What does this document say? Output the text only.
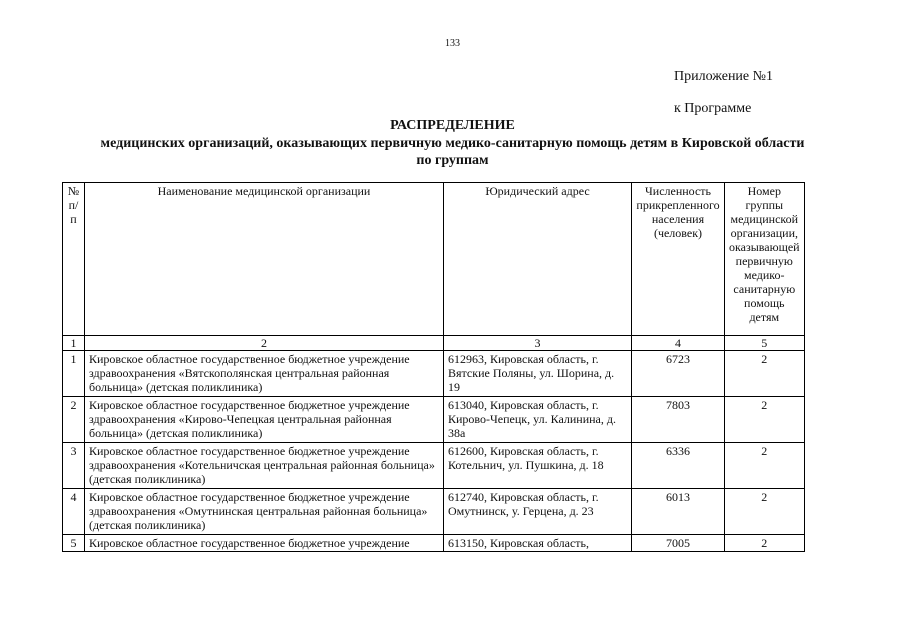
133
Приложение №1
к Программе
РАСПРЕДЕЛЕНИЕ
медицинских организаций, оказывающих первичную медико-санитарную помощь детям в Кировской области
по группам
№ п/п	Наименование медицинской организации	Юридический адрес	Численность прикрепленного населения (человек)	Номер группы медицинской организации, оказывающей первичную медико-санитарную помощь детям
1	2	3	4	5
1	Кировское областное государственное бюджетное учреждение здравоохранения «Вятскополянская центральная районная больница» (детская поликлиника)	612963, Кировская область, г. Вятские Поляны, ул. Шорина, д. 19	6723	2
2	Кировское областное государственное бюджетное учреждение здравоохранения «Кирово-Чепецкая центральная районная больница» (детская поликлиника)	613040, Кировская область, г. Кирово-Чепецк, ул. Калинина, д. 38а	7803	2
3	Кировское областное государственное бюджетное учреждение здравоохранения «Котельничская центральная районная больница» (детская поликлиника)	612600, Кировская область, г. Котельнич, ул. Пушкина, д. 18	6336	2
4	Кировское областное государственное бюджетное учреждение здравоохранения «Омутнинская центральная районная больница» (детская поликлиника)	612740, Кировская область, г. Омутнинск, у. Герцена, д. 23	6013	2
5	Кировское областное государственное бюджетное учреждение	613150, Кировская область,	7005	2
